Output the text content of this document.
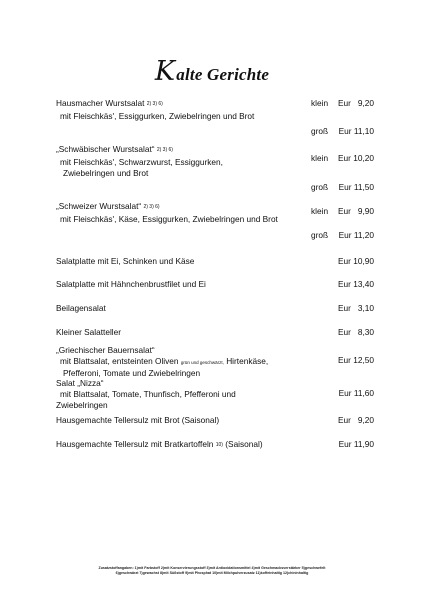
Kalte Gerichte
Hausmacher Wurstsalat $^{2) 3) 6)}$
mit Fleischkäs', Essiggurken, Zwiebelringen und Brot
klein	Eur   9,20
groß	Eur 11,10
„Schwäbischer Wurstsalat“ $^{2) 3) 6)}$
mit Fleischkäs', Schwarzwurst, Essiggurken,
Zwiebelringen und Brot
klein	Eur 10,20
groß	Eur 11,50
„Schweizer Wurstsalat“ $^{2) 3) 6)}$
mit Fleischkäs', Käse, Essiggurken, Zwiebelringen und Brot
klein	Eur   9,90
groß	Eur 11,20
Salatplatte mit Ei, Schinken und Käse	Eur 10,90
Salatplatte mit Hähnchenbrustfilet und Ei	Eur 13,40
Beilagensalat	Eur   3,10
Kleiner Salatteller	Eur   8,30
„Griechischer Bauernsalat“
mit Blattsalat, entsteinten Oliven grün und geschwärzt, Hirtenkäse,
Pfefferoni, Tomate und Zwiebelringen
Eur 12,50
Salat „Nizza“
mit Blattsalat, Tomate, Thunfisch, Pfefferoni und
Zwiebelringen
Eur 11,60
Hausgemachte Tellersulz mit Brot (Saisonal)	Eur   9,20
Hausgemachte Tellersulz mit Bratkartoffeln $^{10)}$ (Saisonal)	Eur 11,90
Zusatzstoffangaben: 1)mit Farbstoff 2)mit Konservierungsstoff 3)mit Antioxidationsmittel 4)mit Geschmacksverstärker 5)geschwefelt
6)geschwärzt 7)gewachst 8)mit Süßstoff 9)mit Phosphat 10)mit Milchpulverzusatz 11)koffeinhaltig 12)chininhaltig
